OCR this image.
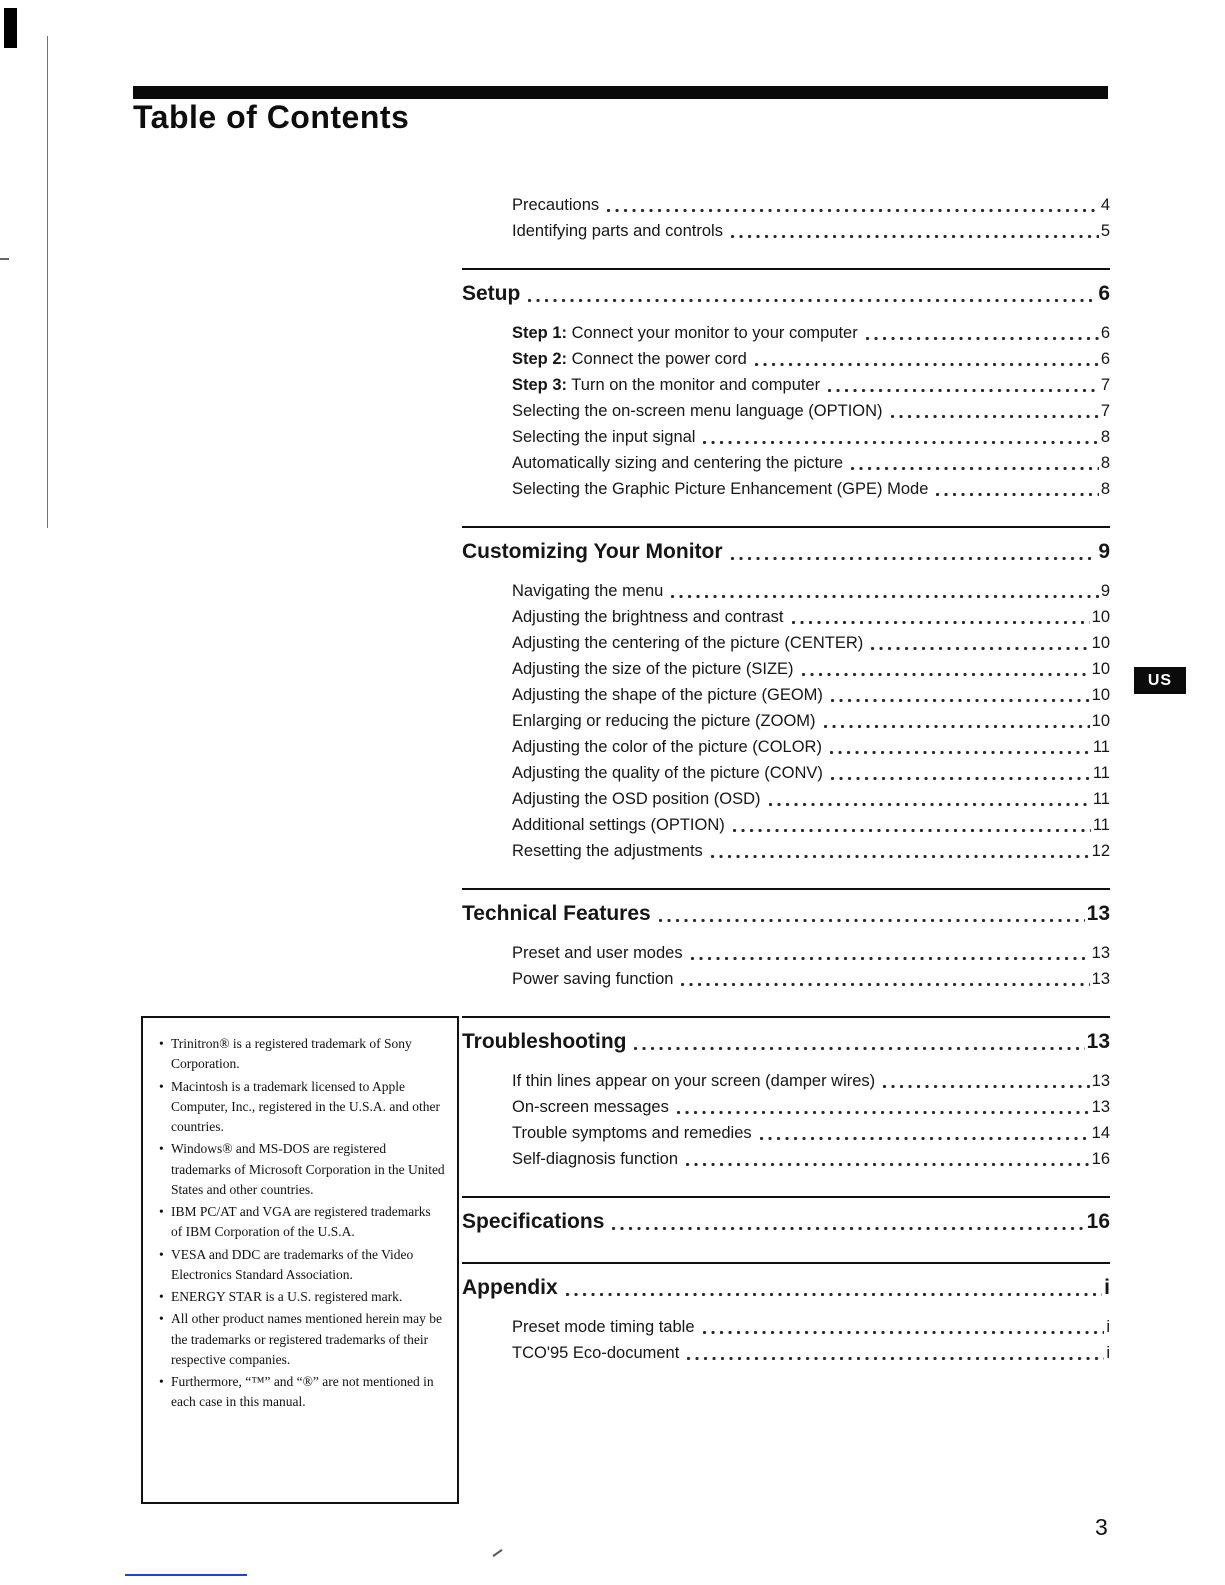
Table of Contents
US
Precautions	4
Identifying parts and controls	5
Setup	6
Step 1: Connect your monitor to your computer	6
Step 2: Connect the power cord	6
Step 3: Turn on the monitor and computer	7
Selecting the on-screen menu language (OPTION)	7
Selecting the input signal	8
Automatically sizing and centering the picture	8
Selecting the Graphic Picture Enhancement (GPE) Mode	8
Customizing Your Monitor	9
Navigating the menu	9
Adjusting the brightness and contrast	10
Adjusting the centering of the picture (CENTER)	10
Adjusting the size of the picture (SIZE)	10
Adjusting the shape of the picture (GEOM)	10
Enlarging or reducing the picture (ZOOM)	10
Adjusting the color of the picture (COLOR)	11
Adjusting the quality of the picture (CONV)	11
Adjusting the OSD position (OSD)	11
Additional settings (OPTION)	11
Resetting the adjustments	12
Technical Features	13
Preset and user modes	13
Power saving function	13
Troubleshooting	13
If thin lines appear on your screen (damper wires)	13
On-screen messages	13
Trouble symptoms and remedies	14
Self-diagnosis function	16
Specifications	16
Appendix	i
Preset mode timing table	i
TCO'95 Eco-document	i
• Trinitron® is a registered trademark of Sony Corporation.
• Macintosh is a trademark licensed to Apple Computer, Inc., registered in the U.S.A. and other countries.
• Windows® and MS-DOS are registered trademarks of Microsoft Corporation in the United States and other countries.
• IBM PC/AT and VGA are registered trademarks of IBM Corporation of the U.S.A.
• VESA and DDC are trademarks of the Video Electronics Standard Association.
• ENERGY STAR is a U.S. registered mark.
• All other product names mentioned herein may be the trademarks or registered trademarks of their respective companies.
• Furthermore, “™” and “®” are not mentioned in each case in this manual.
3
